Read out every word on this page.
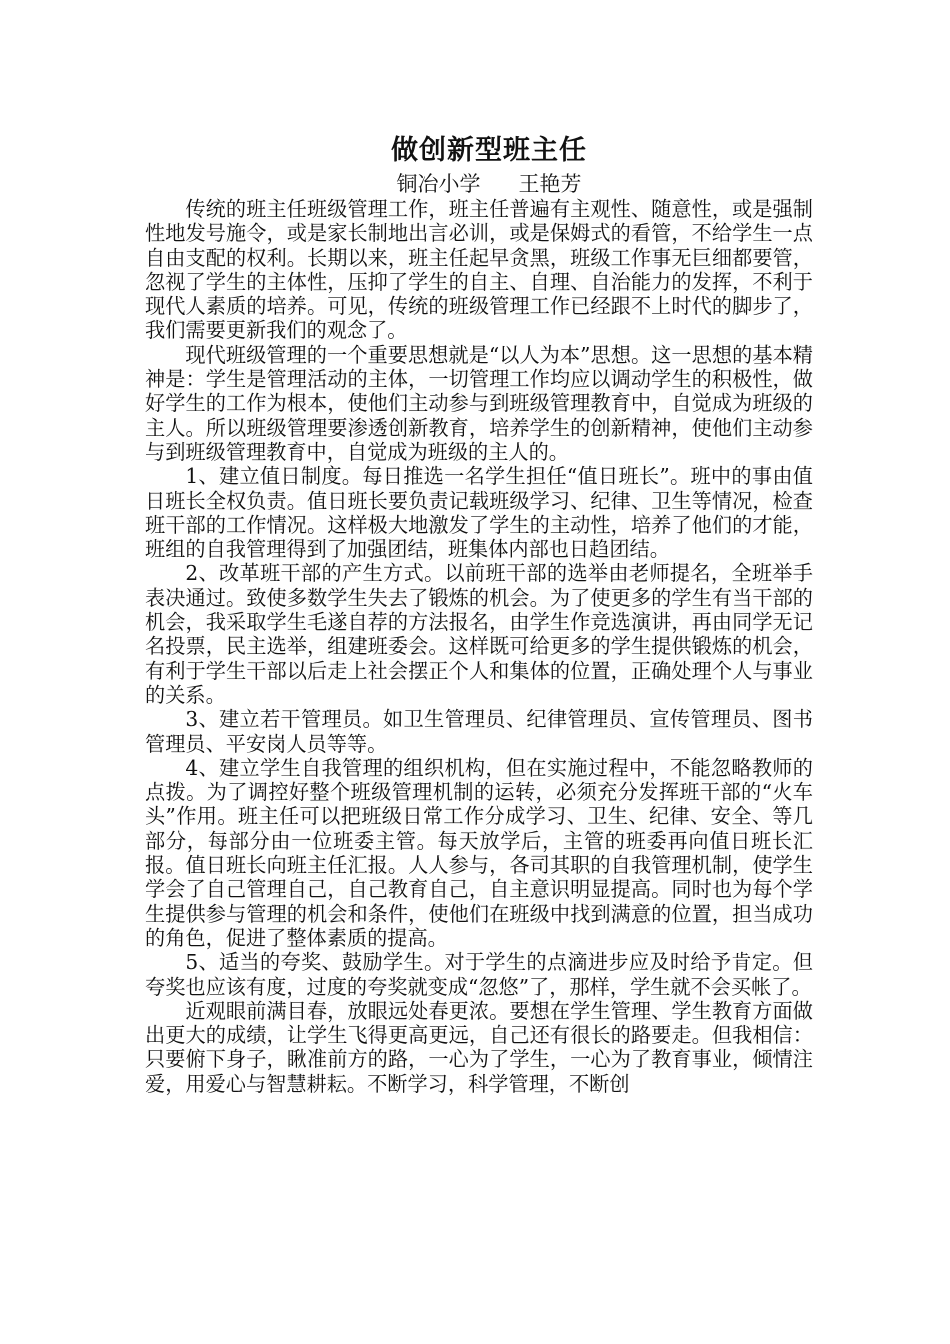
做创新型班主任
铜冶小学 王艳芳

传统的班主任班级管理工作，班主任普遍有主观性、随意性，或是强制性地发号施令，或是家长制地出言必训，或是保姆式的看管，不给学生一点自由支配的权利。长期以来，班主任起早贪黑，班级工作事无巨细都要管，忽视了学生的主体性，压抑了学生的自主、自理、自治能力的发挥，不利于现代人素质的培养。可见，传统的班级管理工作已经跟不上时代的脚步了，我们需要更新我们的观念了。

现代班级管理的一个重要思想就是“以人为本”思想。这一思想的基本精神是：学生是管理活动的主体，一切管理工作均应以调动学生的积极性，做好学生的工作为根本，使他们主动参与到班级管理教育中，自觉成为班级的主人。所以班级管理要渗透创新教育，培养学生的创新精神，使他们主动参与到班级管理教育中，自觉成为班级的主人的。

1、建立值日制度。每日推选一名学生担任“值日班长”。班中的事由值日班长全权负责。值日班长要负责记载班级学习、纪律、卫生等情况，检查班干部的工作情况。这样极大地激发了学生的主动性，培养了他们的才能，班组的自我管理得到了加强团结，班集体内部也日趋团结。

2、改革班干部的产生方式。以前班干部的选举由老师提名，全班举手表决通过。致使多数学生失去了锻炼的机会。为了使更多的学生有当干部的机会，我采取学生毛遂自荐的方法报名，由学生作竞选演讲，再由同学无记名投票，民主选举，组建班委会。这样既可给更多的学生提供锻炼的机会，有利于学生干部以后走上社会摆正个人和集体的位置，正确处理个人与事业的关系。

3、建立若干管理员。如卫生管理员、纪律管理员、宣传管理员、图书管理员、平安岗人员等等。

4、建立学生自我管理的组织机构，但在实施过程中，不能忽略教师的点拨。为了调控好整个班级管理机制的运转，必须充分发挥班干部的“火车头”作用。班主任可以把班级日常工作分成学习、卫生、纪律、安全、等几部分，每部分由一位班委主管。每天放学后，主管的班委再向值日班长汇报。值日班长向班主任汇报。人人参与，各司其职的自我管理机制，使学生学会了自己管理自己，自己教育自己，自主意识明显提高。同时也为每个学生提供参与管理的机会和条件，使他们在班级中找到满意的位置，担当成功的角色，促进了整体素质的提高。

5、适当的夸奖、鼓励学生。对于学生的点滴进步应及时给予肯定。但夸奖也应该有度，过度的夸奖就变成“忽悠”了，那样，学生就不会买帐了。

近观眼前满目春，放眼远处春更浓。要想在学生管理、学生教育方面做出更大的成绩，让学生飞得更高更远，自己还有很长的路要走。但我相信：只要俯下身子，瞅准前方的路，一心为了学生，一心为了教育事业，倾情注爱，用爱心与智慧耕耘。不断学习，科学管理，不断创
